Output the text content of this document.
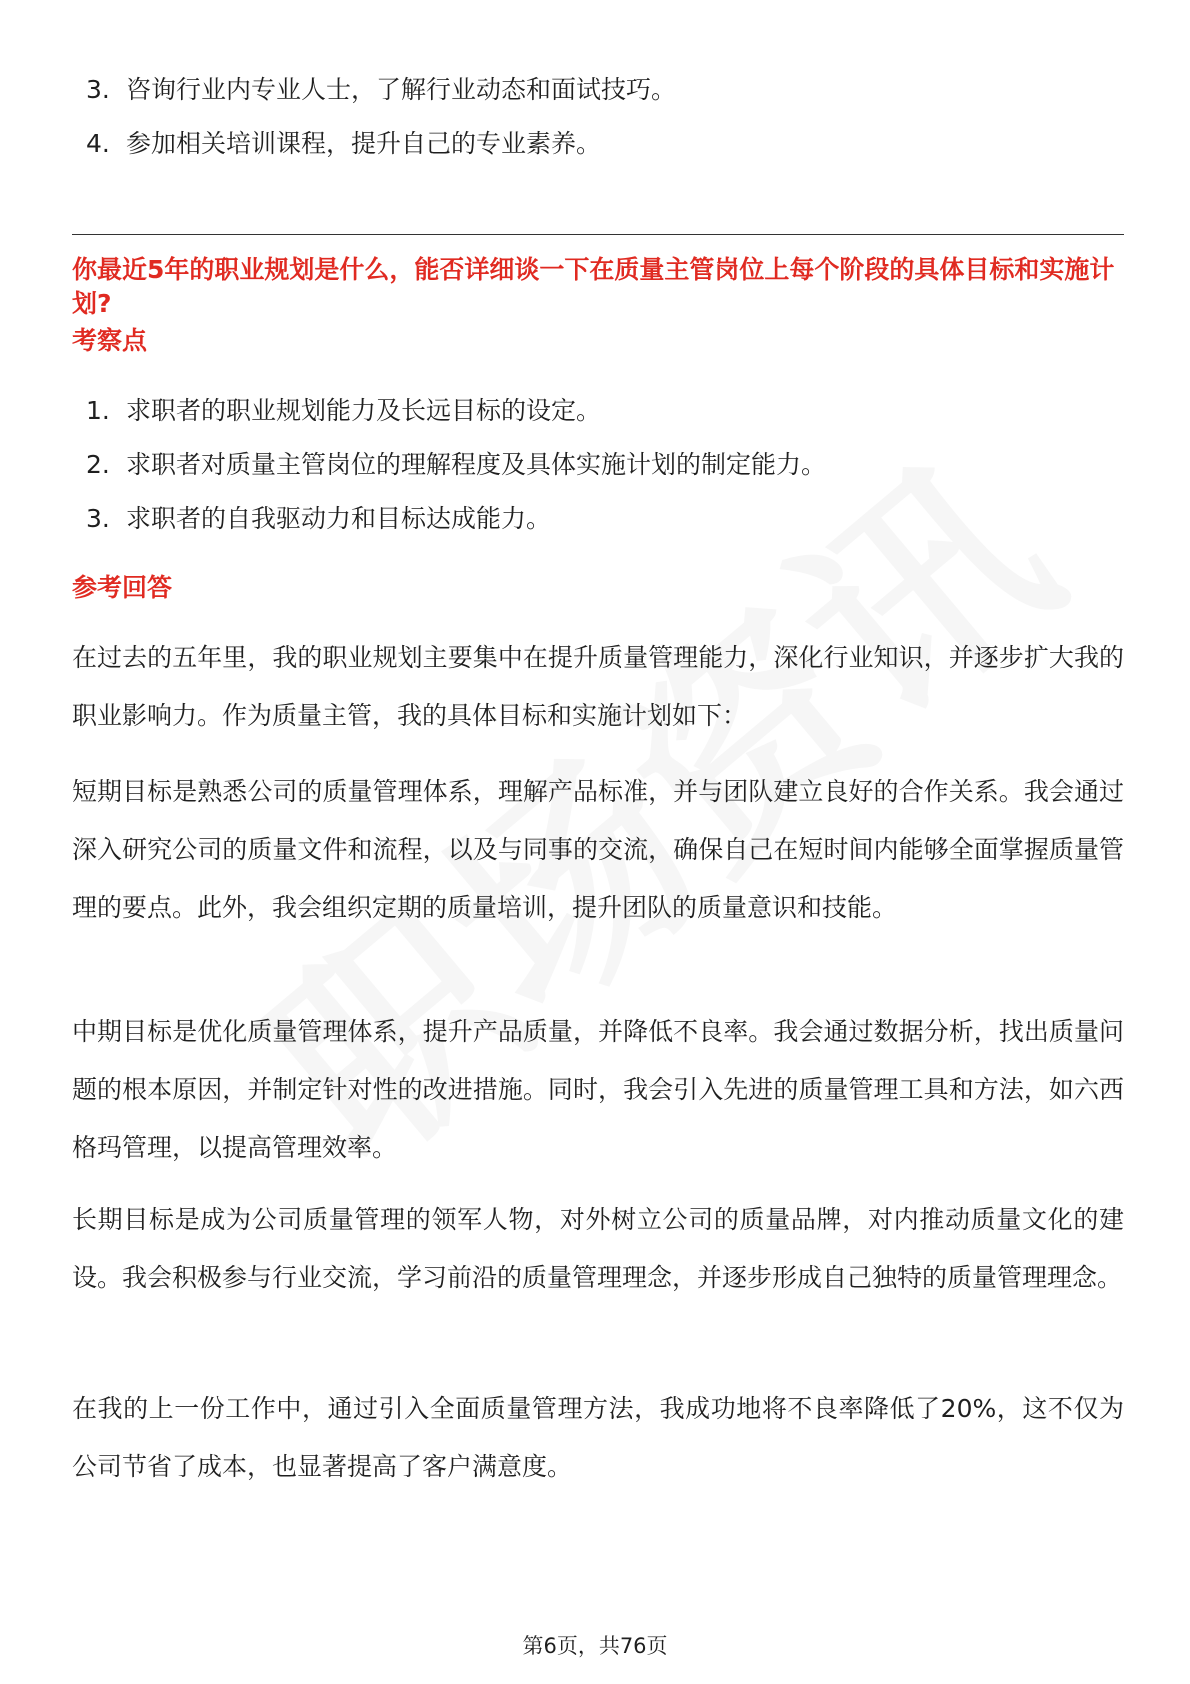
3. 咨询行业内专业人士，了解行业动态和面试技巧。
4. 参加相关培训课程，提升自己的专业素养。
你最近5年的职业规划是什么，能否详细谈一下在质量主管岗位上每个阶段的具体目标和实施计划?
考察点
1. 求职者的职业规划能力及长远目标的设定。
2. 求职者对质量主管岗位的理解程度及具体实施计划的制定能力。
3. 求职者的自我驱动力和目标达成能力。
参考回答
在过去的五年里，我的职业规划主要集中在提升质量管理能力，深化行业知识，并逐步扩大我的职业影响力。作为质量主管，我的具体目标和实施计划如下：
短期目标是熟悉公司的质量管理体系，理解产品标准，并与团队建立良好的合作关系。我会通过深入研究公司的质量文件和流程，以及与同事的交流，确保自己在短时间内能够全面掌握质量管理的要点。此外，我会组织定期的质量培训，提升团队的质量意识和技能。
中期目标是优化质量管理体系，提升产品质量，并降低不良率。我会通过数据分析，找出质量问题的根本原因，并制定针对性的改进措施。同时，我会引入先进的质量管理工具和方法，如六西格玛管理，以提高管理效率。
长期目标是成为公司质量管理的领军人物，对外树立公司的质量品牌，对内推动质量文化的建设。我会积极参与行业交流，学习前沿的质量管理理念，并逐步形成自己独特的质量管理理念。
在我的上一份工作中，通过引入全面质量管理方法，我成功地将不良率降低了20%，这不仅为公司节省了成本，也显著提高了客户满意度。
第6页，共76页
